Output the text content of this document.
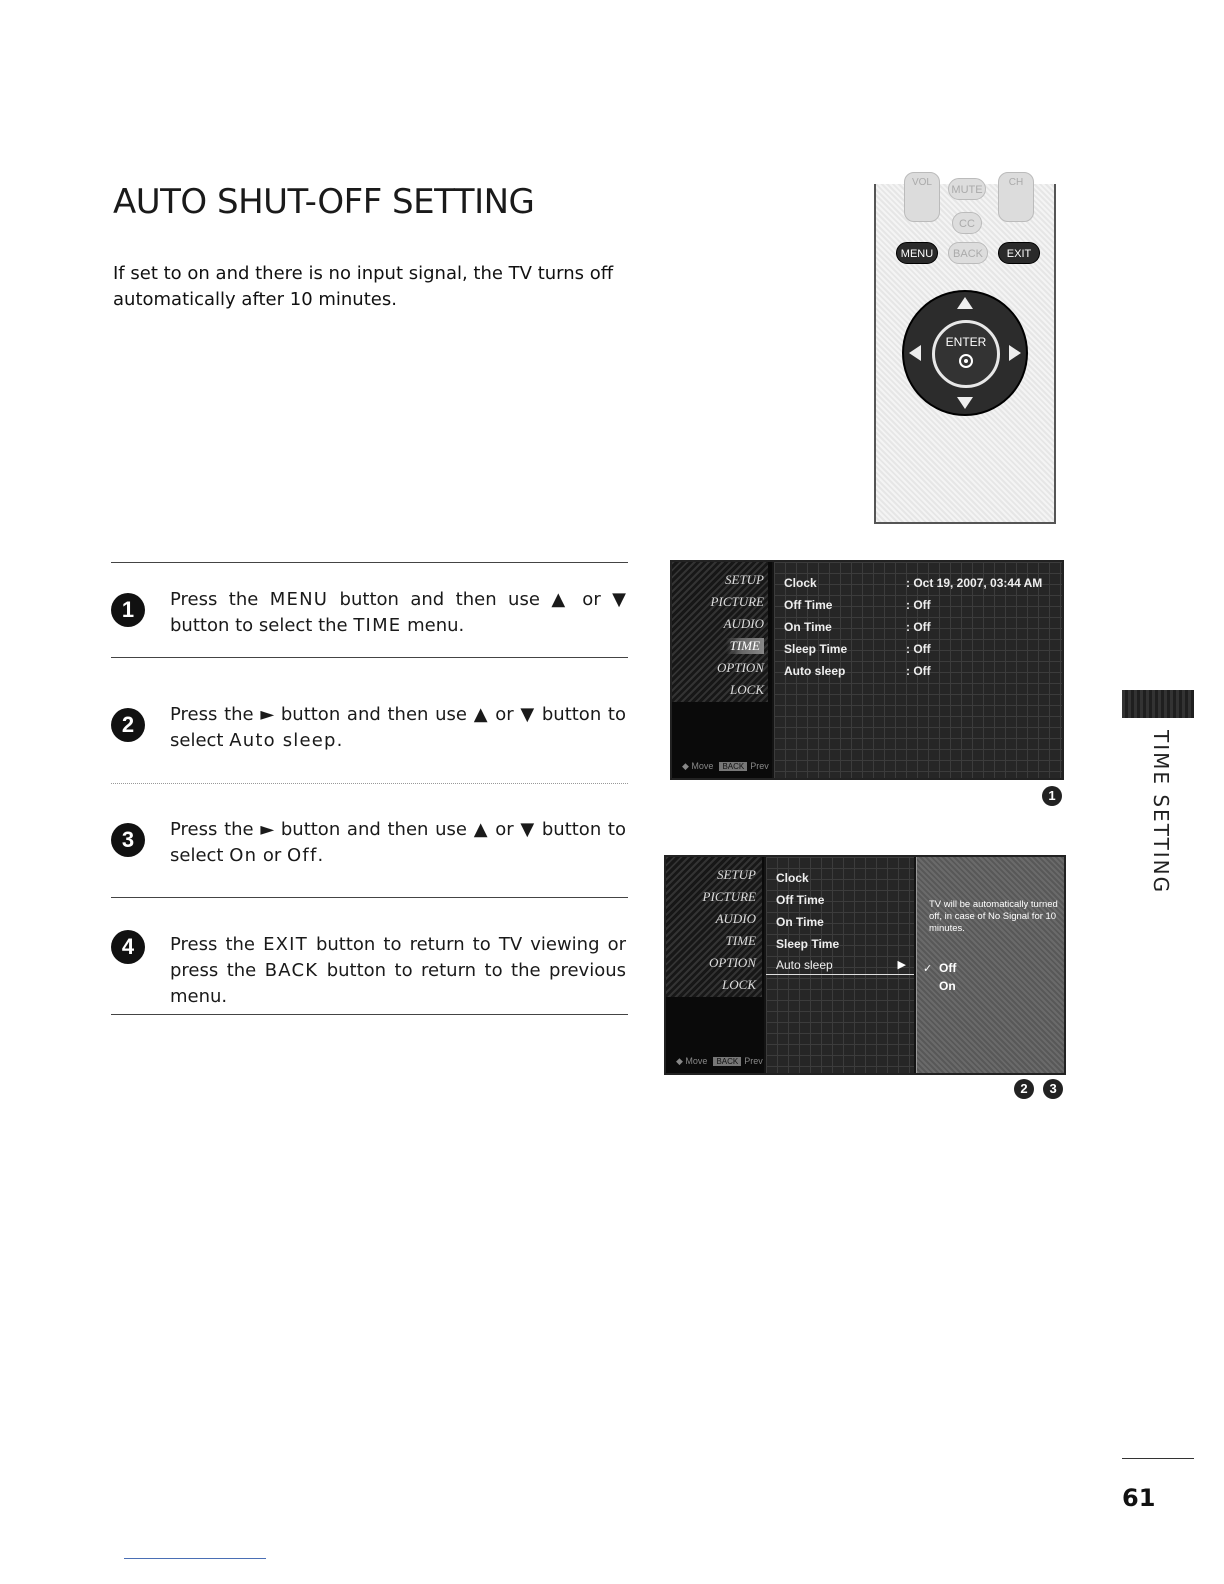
AUTO SHUT-OFF SETTING
If set to on and there is no input signal, the TV turns off automatically after 10 minutes.
VOL	CH
MUTE
CC
MENU	BACK	EXIT
ENTER
1	Press the MENU button and then use ▲ or ▼ button to select the TIME menu.
2	Press the ► button and then use ▲ or ▼ button to select Auto sleep.
3	Press the ► button and then use ▲ or ▼ button to select On or Off.
4	Press the EXIT button to return to TV viewing or press the BACK button to return to the previous menu.
SETUP
PICTURE
AUDIO
TIME
OPTION
LOCK
◆ Move BACK Prev
Clock	: Oct 19, 2007, 03:44 AM
Off Time	: Off
On Time	: Off
Sleep Time	: Off
Auto sleep	: Off
1
SETUP
PICTURE
AUDIO
TIME
OPTION
LOCK
◆ Move BACK Prev
Clock
Off Time
On Time
Sleep Time
Auto sleep	▶
TV will be automatically turned off, in case of No Signal for 10 minutes.
✓ Off
On
2 3
TIME SETTING
61
